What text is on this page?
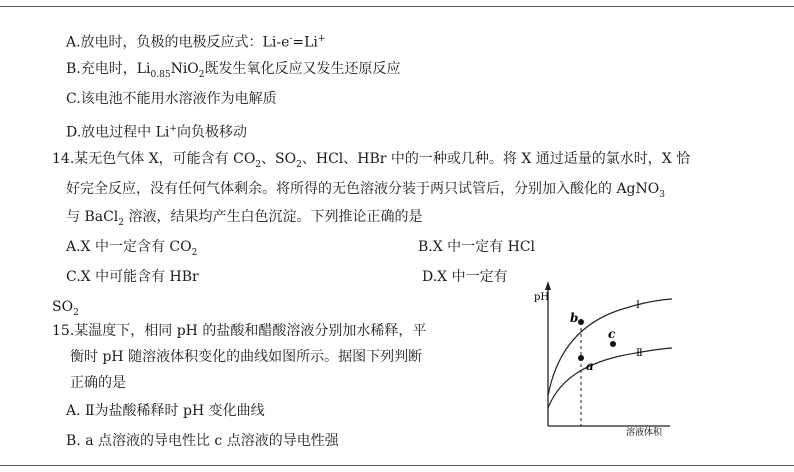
A.放电时，负极的电极反应式：Li-e-=Li+
B.充电时，$Li_{0.85}NiO_2$既发生氧化反应又发生还原反应
C.该电池不能用水溶液作为电解质
D.放电过程中 Li+向负极移动
14.某无色气体 X，可能含有 $CO_2$、$SO_2$、HCl、HBr 中的一种或几种。将 X 通过适量的氯水时，X 恰
好完全反应，没有任何气体剩余。将所得的无色溶液分装于两只试管后，分别加入酸化的 AgNO$_3$
与 BaCl$_2$ 溶液，结果均产生白色沉淀。下列推论正确的是
A.X 中一定含有 $CO_2$	B.X 中一定有 HCl
C.X 中可能含有 HBr	D.X 中一定有
$SO_2$
15.某温度下，相同 pH 的盐酸和醋酸溶液分别加水稀释，平
衡时 pH 随溶液体积变化的曲线如图所示。据图下列判断
正确的是
A. Ⅱ为盐酸稀释时 pH 变化曲线
B. a 点溶液的导电性比 c 点溶液的导电性强
pH
溶液体积
b
a
c
Ⅰ
Ⅱ
